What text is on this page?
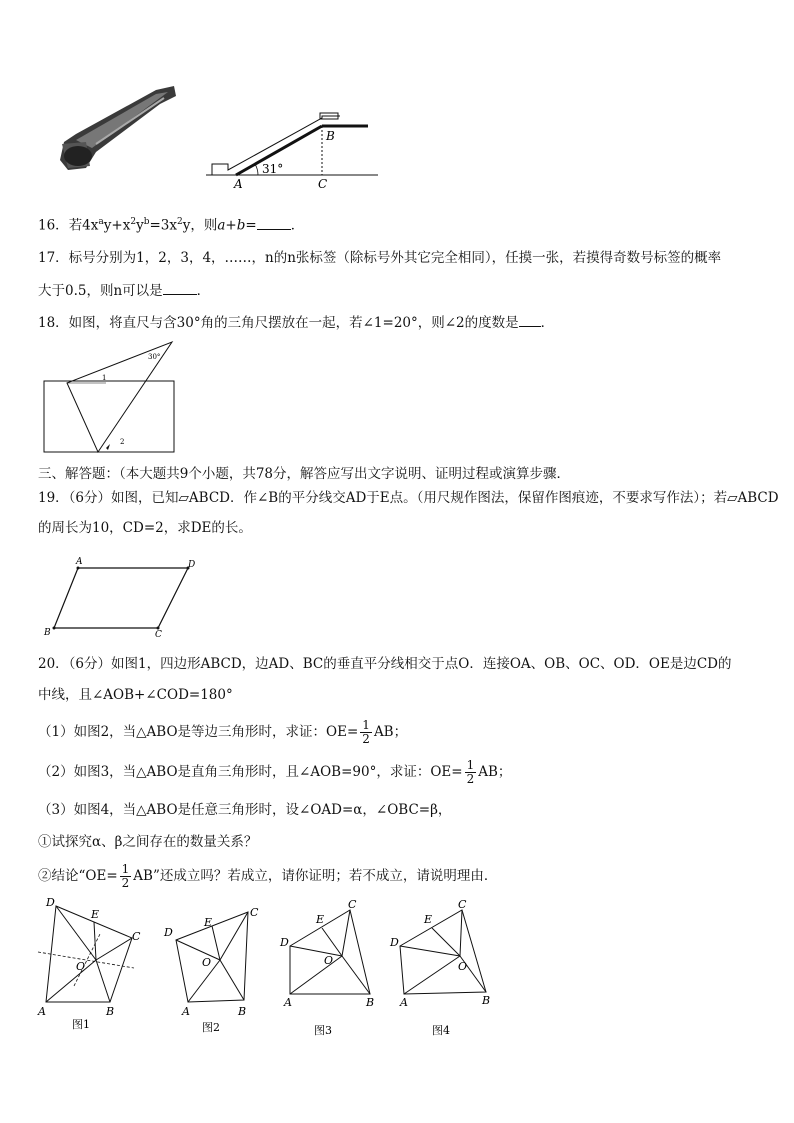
31°
A
B
C
16．若$4x^ay+x^2y^b=3x^2y$，则a+b=	．
17．标号分别为1，2，3，4，……，n的n张标签（除标号外其它完全相同），任摸一张，若摸得奇数号标签的概率
大于0.5，则n可以是	．
18．如图，将直尺与含30°角的三角尺摆放在一起，若∠1=20°，则∠2的度数是 ．
30°
1
2
三、解答题：（本大题共9个小题，共78分，解答应写出文字说明、证明过程或演算步骤．
19．（6分）如图，已知▱ABCD．作∠B的平分线交AD于E点。（用尺规作图法，保留作图痕迹，不要求写作法）；若▱ABCD
的周长为10，CD=2，求DE的长。
A	D
B	C
20．（6分）如图1，四边形ABCD，边AD、BC的垂直平分线相交于点O．连接OA、OB、OC、OD．OE是边CD的
中线，且∠AOB+∠COD=180°
（1）如图2，当△ABO是等边三角形时，求证：$OE= \frac{1}{2}$ AB；
（2）如图3，当△ABO是直角三角形时，且∠AOB=90°，求证：$OE= \frac{1}{2}$ AB；
（3）如图4，当△ABO是任意三角形时，设∠OAD=α，∠OBC=β，
①试探究α、β之间存在的数量关系？
②结论“$OE= \frac{1}{2}$ AB”还成立吗？若成立，请你证明；若不成立，请说明理由．
D
E
C
O
A	B
图1
D
E
C
O
A	B
图2
D
E
C
O
A	B
图3
D
E
C
O
A	B
图4
